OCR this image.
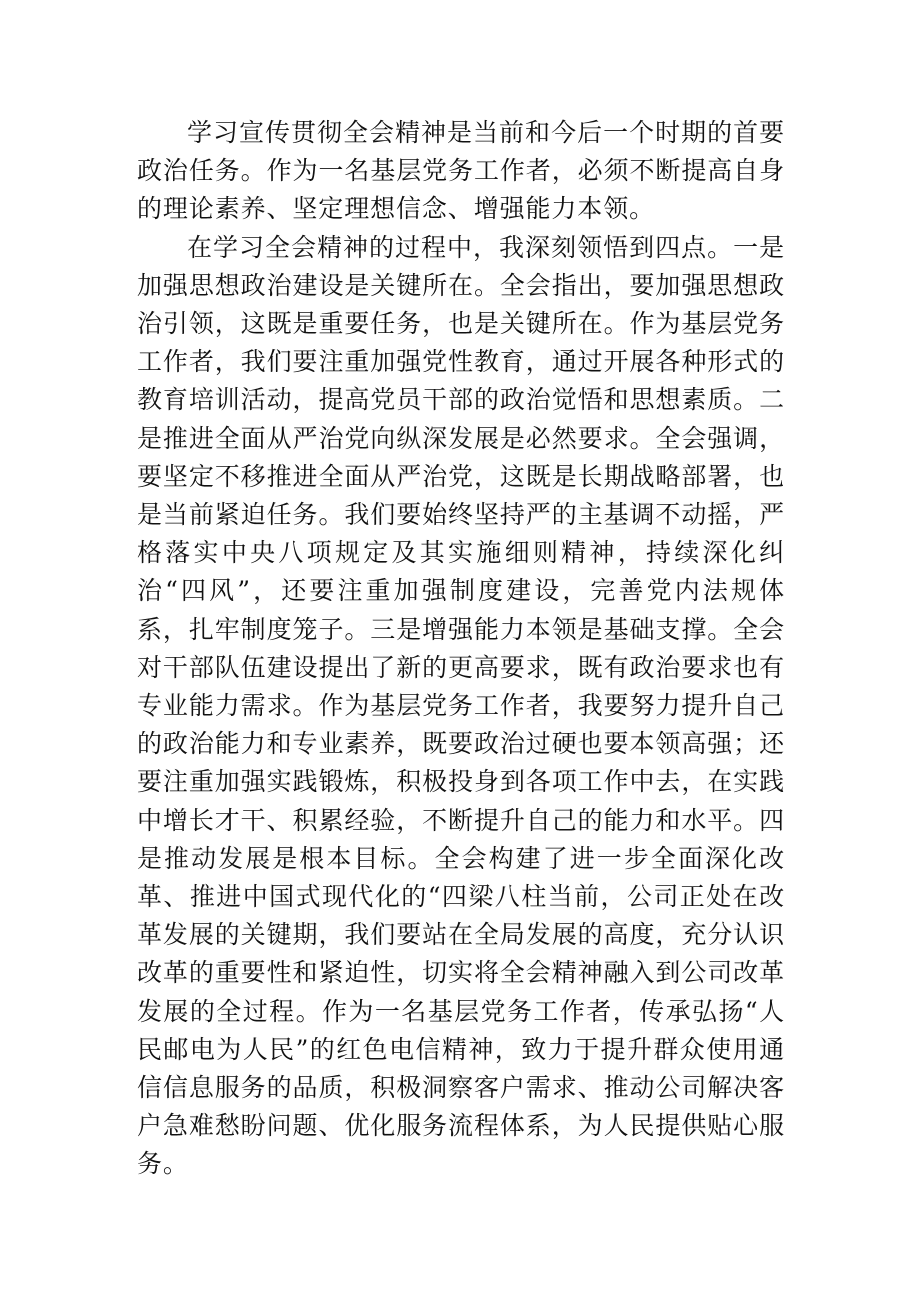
学习宣传贯彻全会精神是当前和今后一个时期的首要政治任务。作为一名基层党务工作者，必须不断提高自身的理论素养、坚定理想信念、增强能力本领。

在学习全会精神的过程中，我深刻领悟到四点。一是加强思想政治建设是关键所在。全会指出，要加强思想政治引领，这既是重要任务，也是关键所在。作为基层党务工作者，我们要注重加强党性教育，通过开展各种形式的教育培训活动，提高党员干部的政治觉悟和思想素质。二是推进全面从严治党向纵深发展是必然要求。全会强调，要坚定不移推进全面从严治党，这既是长期战略部署，也是当前紧迫任务。我们要始终坚持严的主基调不动摇，严格落实中央八项规定及其实施细则精神，持续深化纠治“四风”，还要注重加强制度建设，完善党内法规体系，扎牢制度笼子。三是增强能力本领是基础支撑。全会对干部队伍建设提出了新的更高要求，既有政治要求也有专业能力需求。作为基层党务工作者，我要努力提升自己的政治能力和专业素养，既要政治过硬也要本领高强；还要注重加强实践锻炼，积极投身到各项工作中去，在实践中增长才干、积累经验，不断提升自己的能力和水平。四是推动发展是根本目标。全会构建了进一步全面深化改革、推进中国式现代化的“四梁八柱当前，公司正处在改革发展的关键期，我们要站在全局发展的高度，充分认识改革的重要性和紧迫性，切实将全会精神融入到公司改革发展的全过程。作为一名基层党务工作者，传承弘扬“人民邮电为人民”的红色电信精神，致力于提升群众使用通信信息服务的品质，积极洞察客户需求、推动公司解决客户急难愁盼问题、优化服务流程体系，为人民提供贴心服务。
